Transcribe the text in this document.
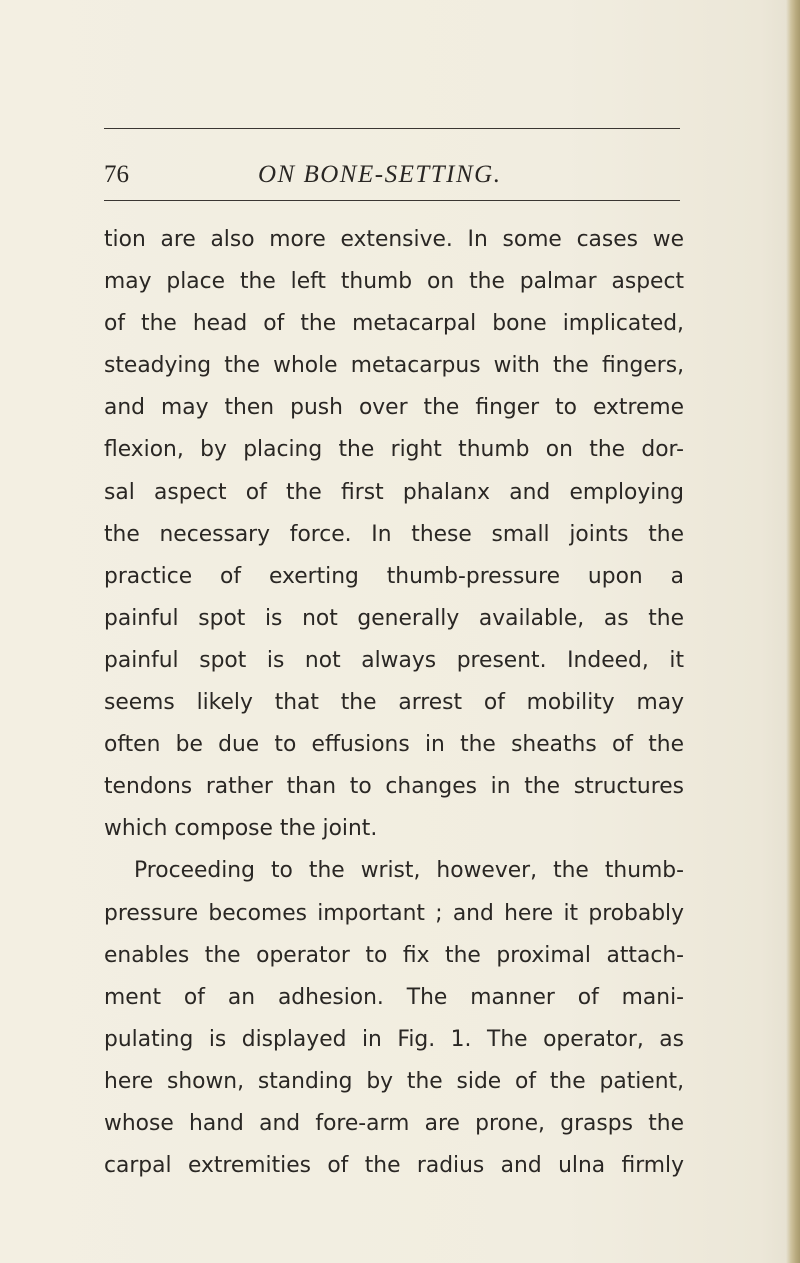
76	ON BONE-SETTING.
tion are also more extensive. In some cases we
may place the left thumb on the palmar aspect
of the head of the metacarpal bone implicated,
steadying the whole metacarpus with the fingers,
and may then push over the finger to extreme
flexion, by placing the right thumb on the dor-
sal aspect of the first phalanx and employing
the necessary force. In these small joints the
practice of exerting thumb-pressure upon a
painful spot is not generally available, as the
painful spot is not always present. Indeed, it
seems likely that the arrest of mobility may
often be due to effusions in the sheaths of the
tendons rather than to changes in the structures
which compose the joint.
Proceeding to the wrist, however, the thumb-
pressure becomes important ; and here it probably
enables the operator to fix the proximal attach-
ment of an adhesion. The manner of mani-
pulating is displayed in Fig. 1. The operator, as
here shown, standing by the side of the patient,
whose hand and fore-arm are prone, grasps the
carpal extremities of the radius and ulna firmly
